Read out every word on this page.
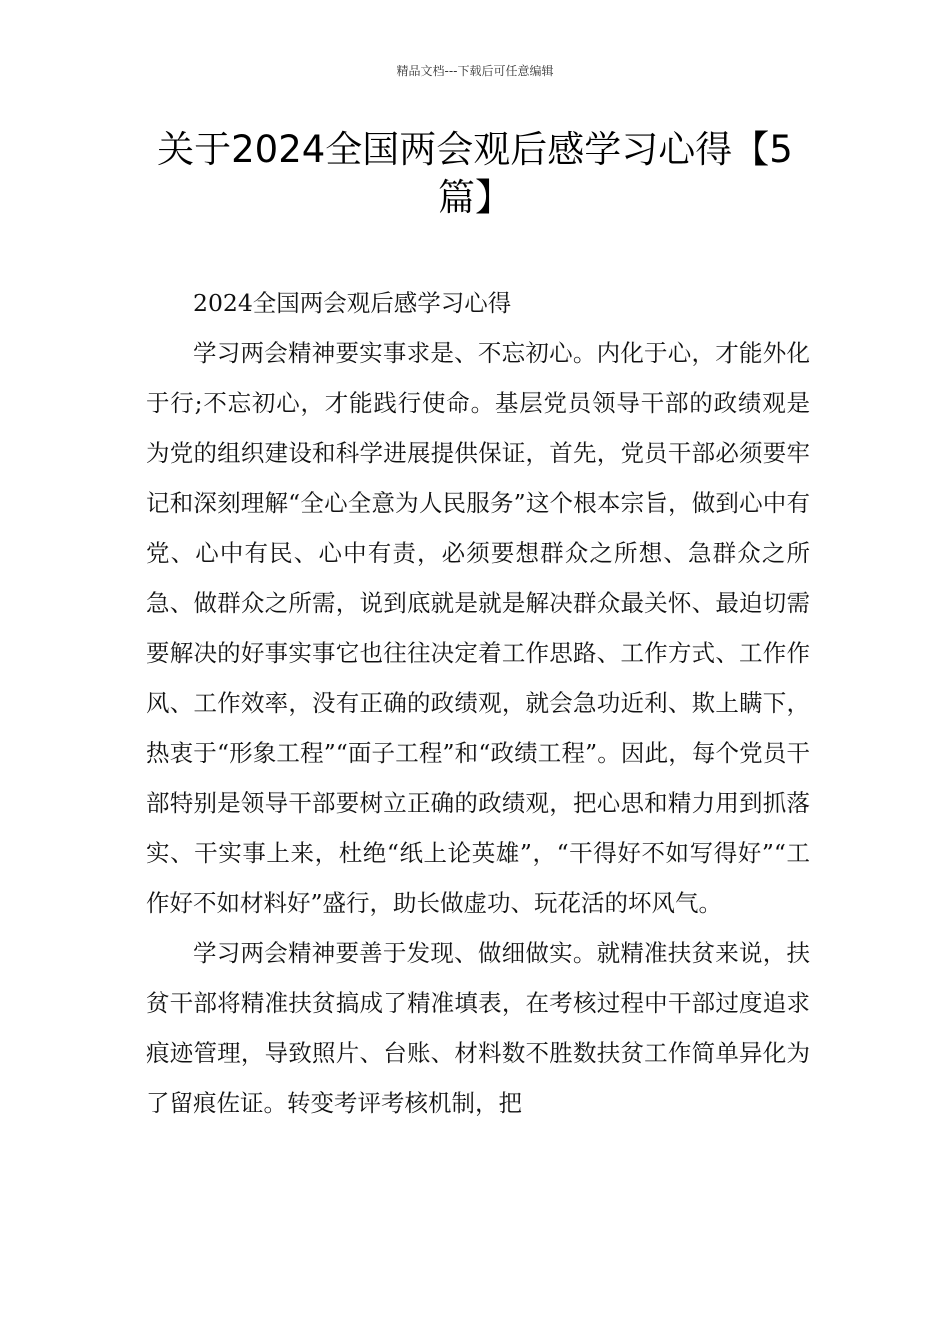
精品文档---下载后可任意编辑
关于2024全国两会观后感学习心得【5篇】

2024全国两会观后感学习心得

学习两会精神要实事求是、不忘初心。内化于心，才能外化于行;不忘初心，才能践行使命。基层党员领导干部的政绩观是为党的组织建设和科学进展提供保证，首先，党员干部必须要牢记和深刻理解“全心全意为人民服务”这个根本宗旨，做到心中有党、心中有民、心中有责，必须要想群众之所想、急群众之所急、做群众之所需，说到底就是就是解决群众最关怀、最迫切需要解决的好事实事它也往往决定着工作思路、工作方式、工作作风、工作效率，没有正确的政绩观，就会急功近利、欺上瞒下，热衷于“形象工程”“面子工程”和“政绩工程”。因此，每个党员干部特别是领导干部要树立正确的政绩观，把心思和精力用到抓落实、干实事上来，杜绝“纸上论英雄”，“干得好不如写得好”“工作好不如材料好”盛行，助长做虚功、玩花活的坏风气。

学习两会精神要善于发现、做细做实。就精准扶贫来说，扶贫干部将精准扶贫搞成了精准填表，在考核过程中干部过度追求痕迹管理，导致照片、台账、材料数不胜数扶贫工作简单异化为了留痕佐证。转变考评考核机制，把
